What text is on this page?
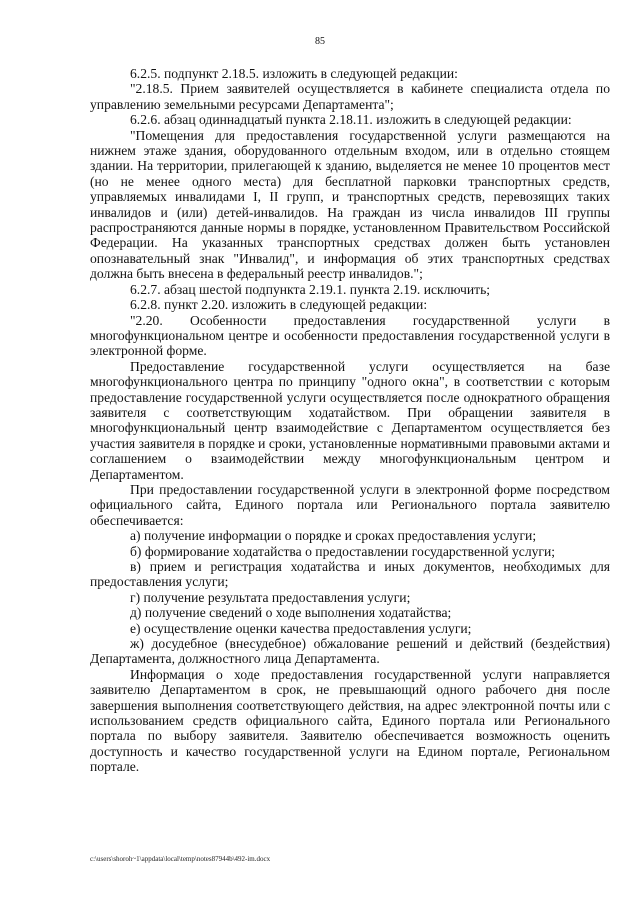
85

6.2.5. подпункт 2.18.5. изложить в следующей редакции:

"2.18.5. Прием заявителей осуществляется в кабинете специалиста отдела по управлению земельными ресурсами Департамента";

6.2.6. абзац одиннадцатый пункта 2.18.11. изложить в следующей редакции:

"Помещения для предоставления государственной услуги размещаются на нижнем этаже здания, оборудованного отдельным входом, или в отдельно стоящем здании. На территории, прилегающей к зданию, выделяется не менее 10 процентов мест (но не менее одного места) для бесплатной парковки транспортных средств, управляемых инвалидами I, II групп, и транспортных средств, перевозящих таких инвалидов и (или) детей-инвалидов. На граждан из числа инвалидов III группы распространяются данные нормы в порядке, установленном Правительством Российской Федерации. На указанных транспортных средствах должен быть установлен опознавательный знак "Инвалид", и информация об этих транспортных средствах должна быть внесена в федеральный реестр инвалидов.";

6.2.7. абзац шестой подпункта 2.19.1. пункта 2.19. исключить;

6.2.8. пункт 2.20. изложить в следующей редакции:

"2.20. Особенности предоставления государственной услуги в многофункциональном центре и особенности предоставления государственной услуги в электронной форме.

Предоставление государственной услуги осуществляется на базе многофункционального центра по принципу "одного окна", в соответствии с которым предоставление государственной услуги осуществляется после однократного обращения заявителя с соответствующим ходатайством. При обращении заявителя в многофункциональный центр взаимодействие с Департаментом осуществляется без участия заявителя в порядке и сроки, установленные нормативными правовыми актами и соглашением о взаимодействии между многофункциональным центром и Департаментом.

При предоставлении государственной услуги в электронной форме посредством официального сайта, Единого портала или Регионального портала заявителю обеспечивается:

а) получение информации о порядке и сроках предоставления услуги;

б) формирование ходатайства о предоставлении государственной услуги;

в) прием и регистрация ходатайства и иных документов, необходимых для предоставления услуги;

г) получение результата предоставления услуги;

д) получение сведений о ходе выполнения ходатайства;

е) осуществление оценки качества предоставления услуги;

ж) досудебное (внесудебное) обжалование решений и действий (бездействия) Департамента, должностного лица Департамента.

Информация о ходе предоставления государственной услуги направляется заявителю Департаментом в срок, не превышающий одного рабочего дня после завершения выполнения соответствующего действия, на адрес электронной почты или с использованием средств официального сайта, Единого портала или Регионального портала по выбору заявителя. Заявителю обеспечивается возможность оценить доступность и качество государственной услуги на Едином портале, Региональном портале.

c:\users\shoroh~1\appdata\local\temp\notes87944b\492-im.docx
